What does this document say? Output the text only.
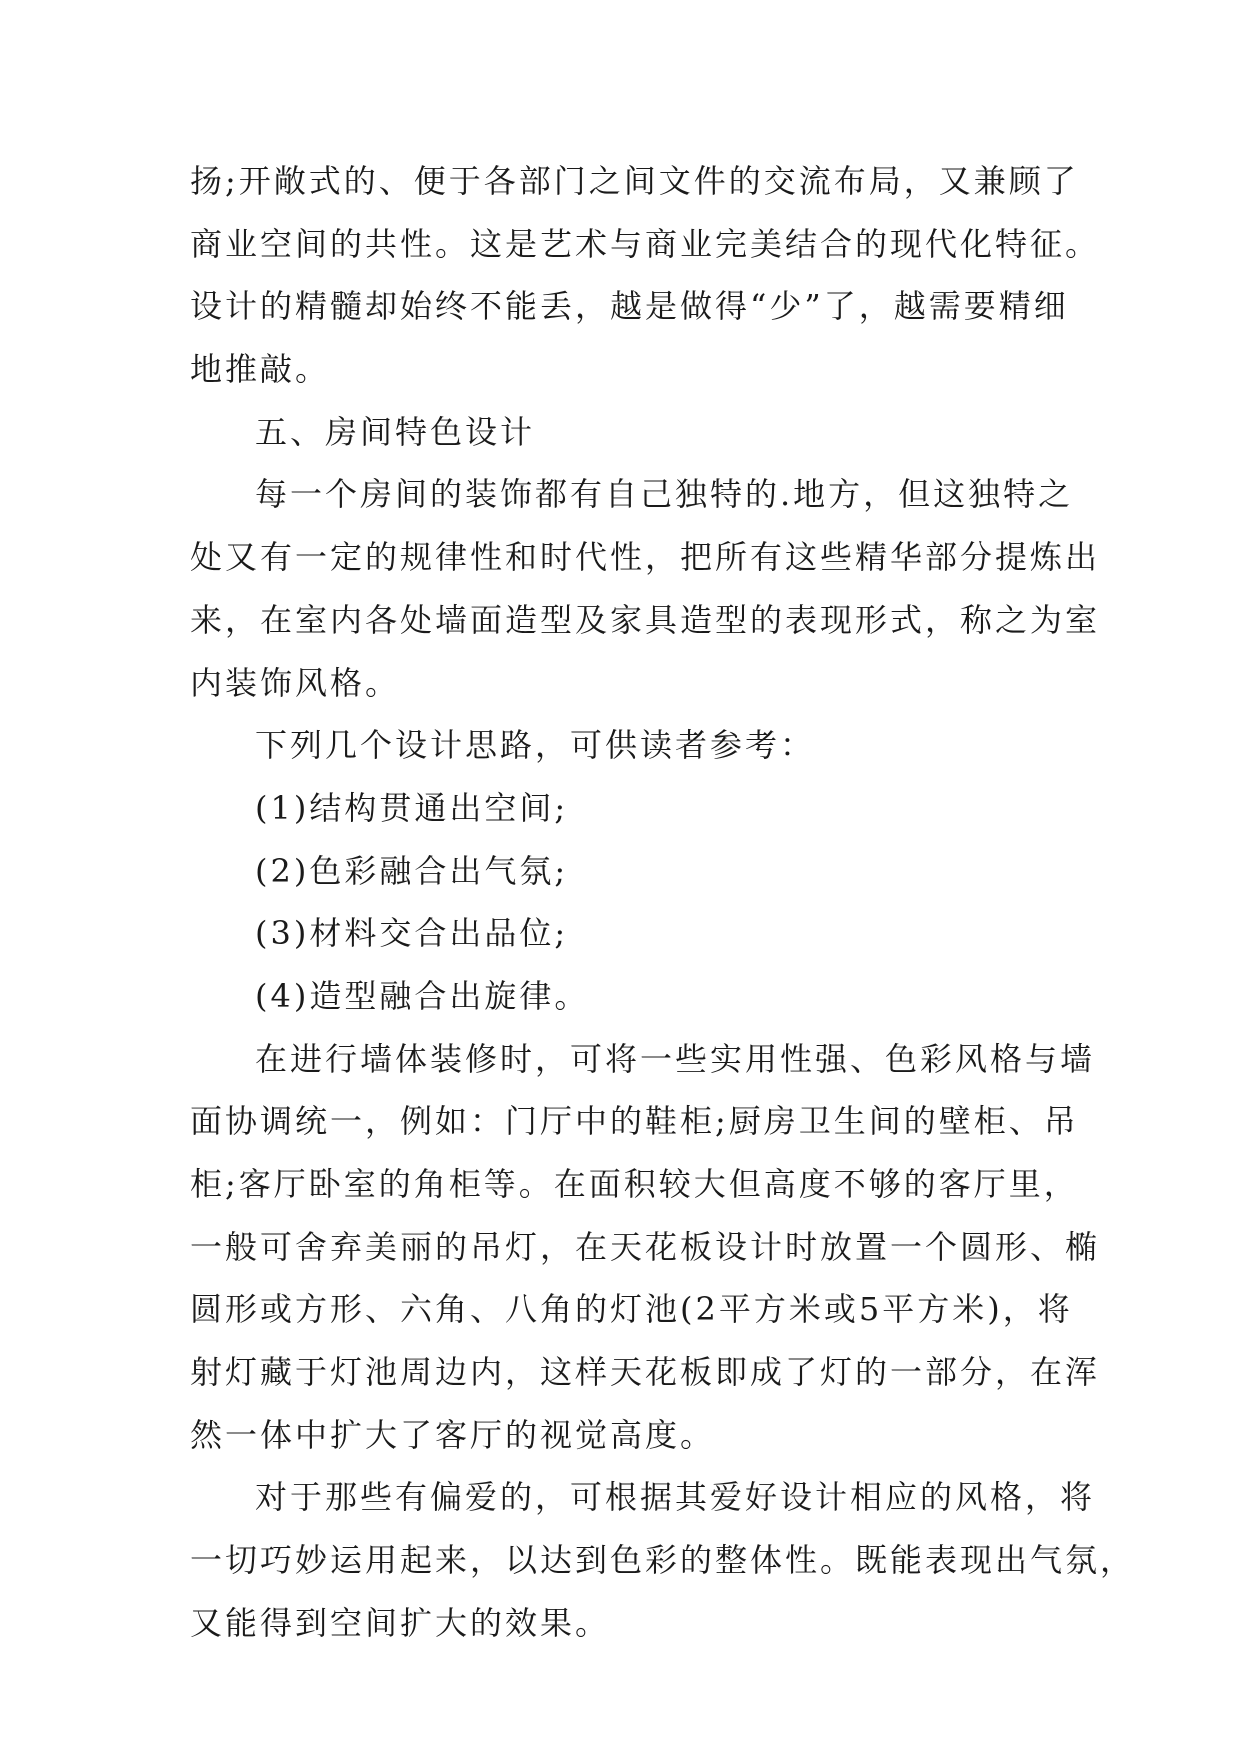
扬;开敞式的、便于各部门之间文件的交流布局，又兼顾了
商业空间的共性。这是艺术与商业完美结合的现代化特征。
设计的精髓却始终不能丢，越是做得“少”了，越需要精细
地推敲。
五、房间特色设计
每一个房间的装饰都有自己独特的.地方，但这独特之
处又有一定的规律性和时代性，把所有这些精华部分提炼出
来，在室内各处墙面造型及家具造型的表现形式，称之为室
内装饰风格。
下列几个设计思路，可供读者参考：
(1)结构贯通出空间;
(2)色彩融合出气氛;
(3)材料交合出品位;
(4)造型融合出旋律。
在进行墙体装修时，可将一些实用性强、色彩风格与墙
面协调统一，例如：门厅中的鞋柜;厨房卫生间的壁柜、吊
柜;客厅卧室的角柜等。在面积较大但高度不够的客厅里，
一般可舍弃美丽的吊灯，在天花板设计时放置一个圆形、椭
圆形或方形、六角、八角的灯池(2平方米或5平方米)，将
射灯藏于灯池周边内，这样天花板即成了灯的一部分，在浑
然一体中扩大了客厅的视觉高度。
对于那些有偏爱的，可根据其爱好设计相应的风格，将
一切巧妙运用起来，以达到色彩的整体性。既能表现出气氛，
又能得到空间扩大的效果。
